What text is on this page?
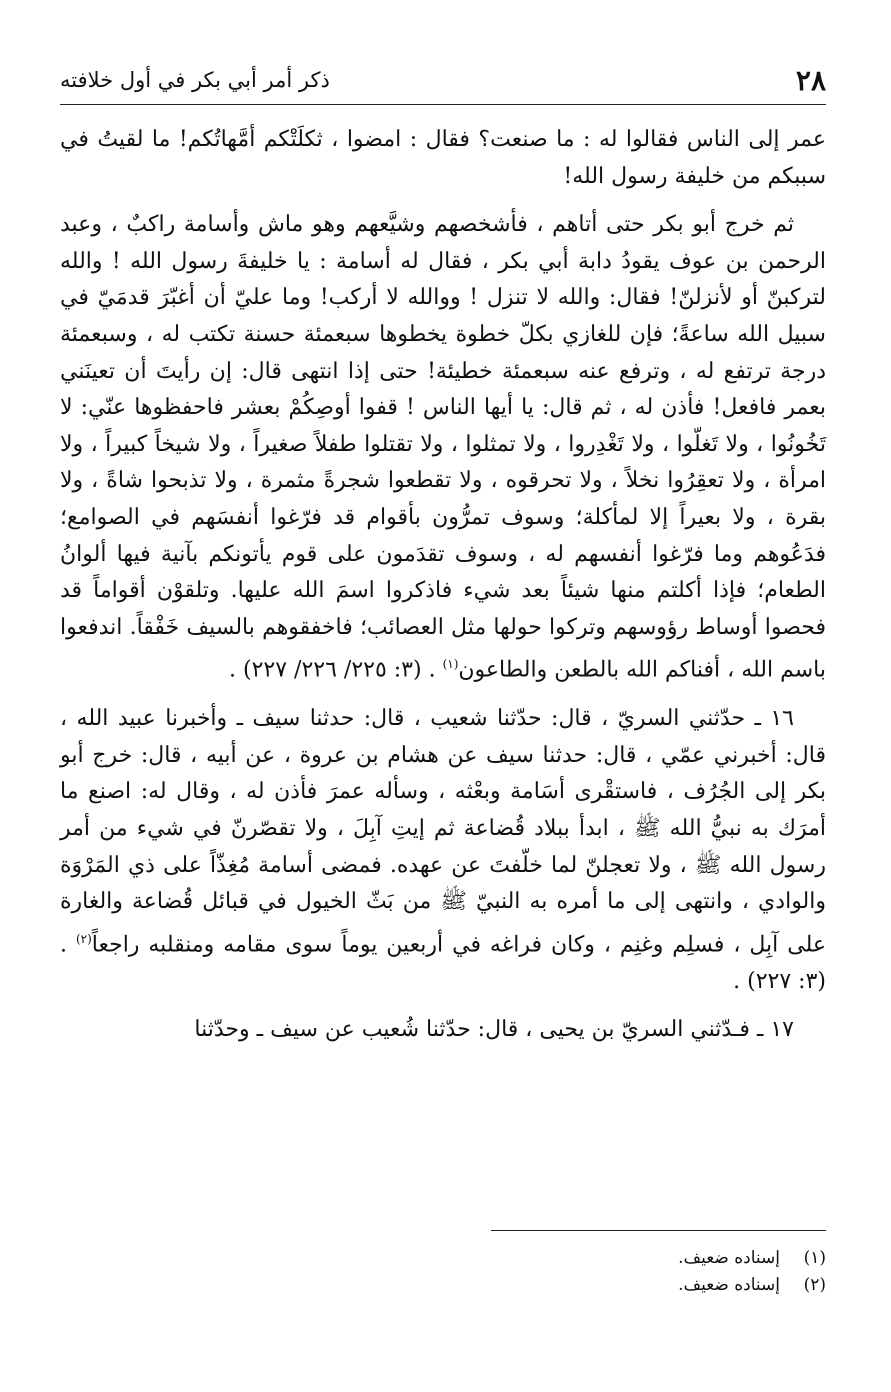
٢٨
ذكر أمر أبي بكر في أول خلافته

عمر إلى الناس فقالوا له : ما صنعت؟ فقال : امضوا ، ثكلَتْكم أمَّهاتُكم! ما لقيتُ في سببكم من خليفة رسول الله!

ثم خرج أبو بكر حتى أتاهم ، فأشخصهم وشيَّعهم وهو ماش وأسامة راكبٌ ، وعبد الرحمن بن عوف يقودُ دابة أبي بكر ، فقال له أسامة : يا خليفةَ رسول الله ! والله لتركبنّ أو لأنزلنّ! فقال: والله لا تنزل ! ووالله لا أركب! وما عليّ أن أغبّرَ قدمَيّ في سبيل الله ساعةً؛ فإن للغازي بكلّ خطوة يخطوها سبعمئة حسنة تكتب له ، وسبعمئة درجة ترتفع له ، وترفع عنه سبعمئة خطيئة! حتى إذا انتهى قال: إن رأيتَ أن تعينَني بعمر فافعل! فأذن له ، ثم قال: يا أيها الناس ! قفوا أوصِكُمْ بعشر فاحفظوها عنّي: لا تَخُونُوا ، ولا تَغلّوا ، ولا تَغْدِروا ، ولا تمثلوا ، ولا تقتلوا طفلاً صغيراً ، ولا شيخاً كبيراً ، ولا امرأة ، ولا تعقِرُوا نخلاً ، ولا تحرقوه ، ولا تقطعوا شجرةً مثمرة ، ولا تذبحوا شاةً ، ولا بقرة ، ولا بعيراً إلا لمأكلة؛ وسوف تمرُّون بأقوام قد فرّغوا أنفسَهم في الصوامع؛ فدَعُوهم وما فرّغوا أنفسهم له ، وسوف تقدَمون على قوم يأتونكم بآنية فيها ألوانُ الطعام؛ فإذا أكلتم منها شيئاً بعد شيء فاذكروا اسمَ الله عليها. وتلقوْن أقواماً قد فحصوا أوساط رؤوسهم وتركوا حولها مثل العصائب؛ فاخفقوهم بالسيف خَفْقاً. اندفعوا باسم الله ، أفناكم الله بالطعن والطاعون$^{(١)}$ . (٣: ٢٢٥/ ٢٢٦/ ٢٢٧) .

١٦ ـ حدّثني السريّ ، قال: حدّثنا شعيب ، قال: حدثنا سيف ـ وأخبرنا عبيد الله ، قال: أخبرني عمّي ، قال: حدثنا سيف عن هشام بن عروة ، عن أبيه ، قال: خرج أبو بكر إلى الجُرُف ، فاستقْرى أسَامة وبعْثه ، وسأله عمرَ فأذن له ، وقال له: اصنع ما أمرَك به نبيُّ الله ﷺ ، ابدأ ببلاد قُضاعة ثم إيتِ آبِلَ ، ولا تقصّرنّ في شيء من أمر رسول الله ﷺ ، ولا تعجلنّ لما خلّفتَ عن عهده. فمضى أسامة مُغِذّاً على ذي المَرْوَة والوادي ، وانتهى إلى ما أمره به النبيّ ﷺ من بَثّ الخيول في قبائل قُضاعة والغارة على آبِل ، فسلِم وغنِم ، وكان فراغه في أربعين يوماً سوى مقامه ومنقلبه راجعاً$^{(٢)}$ . (٣: ٢٢٧) .

١٧ ـ فـ‍دّثني السريّ بن يحيى ، قال: حدّثنا شُعيب عن سيف ـ وحدّثنا

(١)
إسناده ضعيف.
(٢)
إسناده ضعيف.
